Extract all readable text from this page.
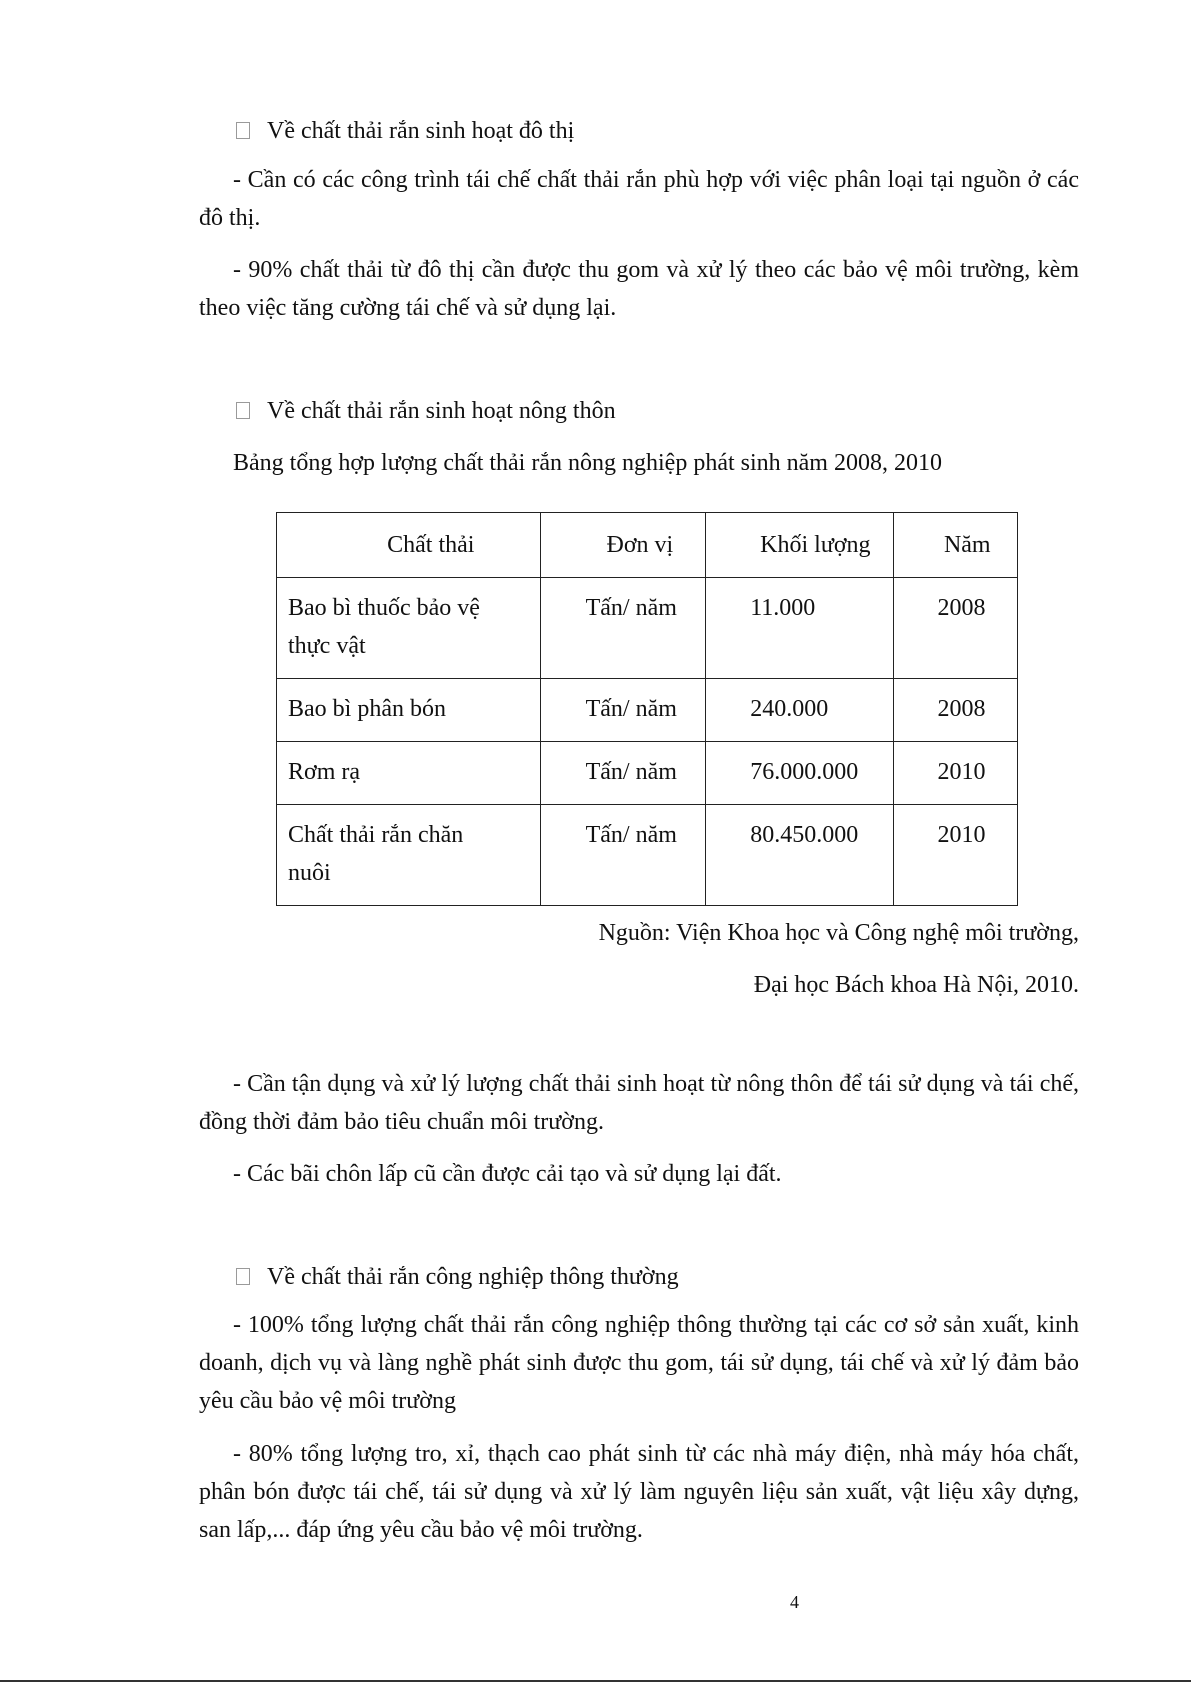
Về chất thải rắn sinh hoạt đô thị

- Cần có các công trình tái chế chất thải rắn phù hợp với việc phân loại tại nguồn ở các đô thị.

- 90% chất thải từ đô thị cần được thu gom và xử lý theo các bảo vệ môi trường, kèm theo việc tăng cường tái chế và sử dụng lại.

Về chất thải rắn sinh hoạt nông thôn
Bảng tổng hợp lượng chất thải rắn nông nghiệp phát sinh năm 2008, 2010
Chất thải	Đơn vị	Khối lượng	Năm

Bao bì thuốc bảo vệ thực vật	Tấn/ năm	11.000	2008

Bao bì phân bón	Tấn/ năm	240.000	2008

Rơm rạ	Tấn/ năm	76.000.000	2010

Chất thải rắn chăn nuôi	Tấn/ năm	80.450.000	2010
Nguồn: Viện Khoa học và Công nghệ môi trường,
Đại học Bách khoa Hà Nội, 2010.

- Cần tận dụng và xử lý lượng chất thải sinh hoạt từ nông thôn để tái sử dụng và tái chế, đồng thời đảm bảo tiêu chuẩn môi trường.

- Các bãi chôn lấp cũ cần được cải tạo và sử dụng lại đất.

Về chất thải rắn công nghiệp thông thường

- 100% tổng lượng chất thải rắn công nghiệp thông thường tại các cơ sở sản xuất, kinh doanh, dịch vụ và làng nghề phát sinh được thu gom, tái sử dụng, tái chế và xử lý đảm bảo yêu cầu bảo vệ môi trường

- 80% tổng lượng tro, xỉ, thạch cao phát sinh từ các nhà máy điện, nhà máy hóa chất, phân bón được tái chế, tái sử dụng và xử lý làm nguyên liệu sản xuất, vật liệu xây dựng, san lấp,... đáp ứng yêu cầu bảo vệ môi trường.

4
